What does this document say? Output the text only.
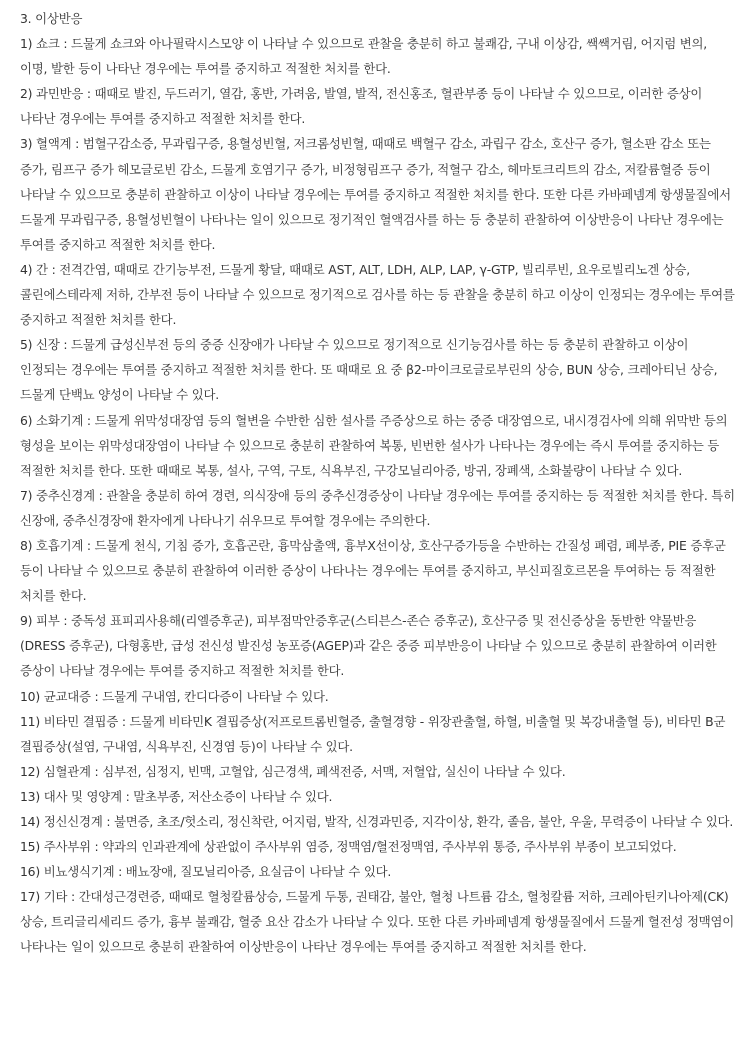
3. 이상반응

1) 쇼크 : 드물게 쇼크와 아나필락시스모양 이 나타날 수 있으므로 관찰을 충분히 하고 불쾌감, 구내 이상감, 쌕쌕거림, 어지럼 변의, 이명, 발한 등이 나타난 경우에는 투여를 중지하고 적절한 처치를 한다.

2) 과민반응 : 때때로 발진, 두드러기, 열감, 홍반, 가려움, 발열, 발적, 전신홍조, 혈관부종 등이 나타날 수 있으므로, 이러한 증상이 나타난 경우에는 투여를 중지하고 적절한 처치를 한다.

3) 혈액계 : 범혈구감소증, 무과립구증, 용혈성빈혈, 저크롬성빈혈, 때때로 백혈구 감소, 과립구 감소, 호산구 증가, 혈소판 감소 또는 증가, 림프구 증가 헤모글로빈 감소, 드물게 호염기구 증가, 비정형림프구 증가, 적혈구 감소, 헤마토크리트의 감소, 저칼륨혈증 등이 나타날 수 있으므로 충분히 관찰하고 이상이 나타날 경우에는 투여를 중지하고 적절한 처치를 한다. 또한 다른 카바페넴계 항생물질에서 드물게 무과립구증, 용혈성빈혈이 나타나는 일이 있으므로 정기적인 혈액검사를 하는 등 충분히 관찰하여 이상반응이 나타난 경우에는 투여를 중지하고 적절한 처치를 한다.

4) 간 : 전격간염, 때때로 간기능부전, 드물게 황달, 때때로 AST, ALT, LDH, ALP, LAP, γ-GTP, 빌리루빈, 요우로빌리노겐 상승, 콜린에스테라제 저하, 간부전 등이 나타날 수 있으므로 정기적으로 검사를 하는 등 관찰을 충분히 하고 이상이 인정되는 경우에는 투여를 중지하고 적절한 처치를 한다.

5) 신장 : 드물게 급성신부전 등의 중증 신장애가 나타날 수 있으므로 정기적으로 신기능검사를 하는 등 충분히 관찰하고 이상이 인정되는 경우에는 투여를 중지하고 적절한 처치를 한다. 또 때때로 요 중 β2-마이크로글로부린의 상승, BUN 상승, 크레아티닌 상승, 드물게 단백뇨 양성이 나타날 수 있다.

6) 소화기계 : 드물게 위막성대장염 등의 혈변을 수반한 심한 설사를 주증상으로 하는 중증 대장염으로, 내시경검사에 의해 위막반 등의 형성을 보이는 위막성대장염이 나타날 수 있으므로 충분히 관찰하여 복통, 빈번한 설사가 나타나는 경우에는 즉시 투여를 중지하는 등 적절한 처치를 한다. 또한 때때로 복통, 설사, 구역, 구토, 식욕부진, 구강모닐리아증, 방귀, 장폐색, 소화불량이 나타날 수 있다.

7) 중추신경계 : 관찰을 충분히 하여 경련, 의식장애 등의 중추신경증상이 나타날 경우에는 투여를 중지하는 등 적절한 처치를 한다. 특히 신장애, 중추신경장애 환자에게 나타나기 쉬우므로 투여할 경우에는 주의한다.

8) 호흡기계 : 드물게 천식, 기침 증가, 호흡곤란, 흉막삼출액, 흉부X선이상, 호산구증가등을 수반하는 간질성 폐렴, 폐부종, PIE 증후군 등이 나타날 수 있으므로 충분히 관찰하여 이러한 증상이 나타나는 경우에는 투여를 중지하고, 부신피질호르몬을 투여하는 등 적절한 처치를 한다.

9) 피부 : 중독성 표피괴사용해(리엘증후군), 피부점막안증후군(스티븐스-존슨 증후군), 호산구증 및 전신증상을 동반한 약물반응(DRESS 증후군), 다형홍반, 급성 전신성 발진성 농포증(AGEP)과 같은 중증 피부반응이 나타날 수 있으므로 충분히 관찰하여 이러한 증상이 나타날 경우에는 투여를 중지하고 적절한 처치를 한다.

10) 균교대증 : 드물게 구내염, 칸디다증이 나타날 수 있다.

11) 비타민 결핍증 : 드물게 비타민K 결핍증상(저프로트롬빈혈증, 출혈경향 - 위장관출혈, 하혈, 비출혈 및 복강내출혈 등), 비타민 B군 결핍증상(설염, 구내염, 식욕부진, 신경염 등)이 나타날 수 있다.

12) 심혈관계 : 심부전, 심정지, 빈맥, 고혈압, 심근경색, 폐색전증, 서맥, 저혈압, 실신이 나타날 수 있다.

13) 대사 및 영양계 : 말초부종, 저산소증이 나타날 수 있다.

14) 정신신경계 : 불면증, 초조/헛소리, 정신착란, 어지럼, 발작, 신경과민증, 지각이상, 환각, 졸음, 불안, 우울, 무력증이 나타날 수 있다.

15) 주사부위 : 약과의 인과관계에 상관없이 주사부위 염증, 정맥염/혈전정맥염, 주사부위 통증, 주사부위 부종이 보고되었다.

16) 비뇨생식기계 : 배뇨장애, 질모닐리아증, 요실금이 나타날 수 있다.

17) 기타 : 간대성근경련증, 때때로 혈청칼륨상승, 드물게 두통, 권태감, 불안, 혈청 나트륨 감소, 혈청칼륨 저하, 크레아틴키나아제(CK) 상승, 트리글리세리드 증가, 흉부 불쾌감, 혈중 요산 감소가 나타날 수 있다. 또한 다른 카바페넴계 항생물질에서 드물게 혈전성 정맥염이 나타나는 일이 있으므로 충분히 관찰하여 이상반응이 나타난 경우에는 투여를 중지하고 적절한 처치를 한다.
